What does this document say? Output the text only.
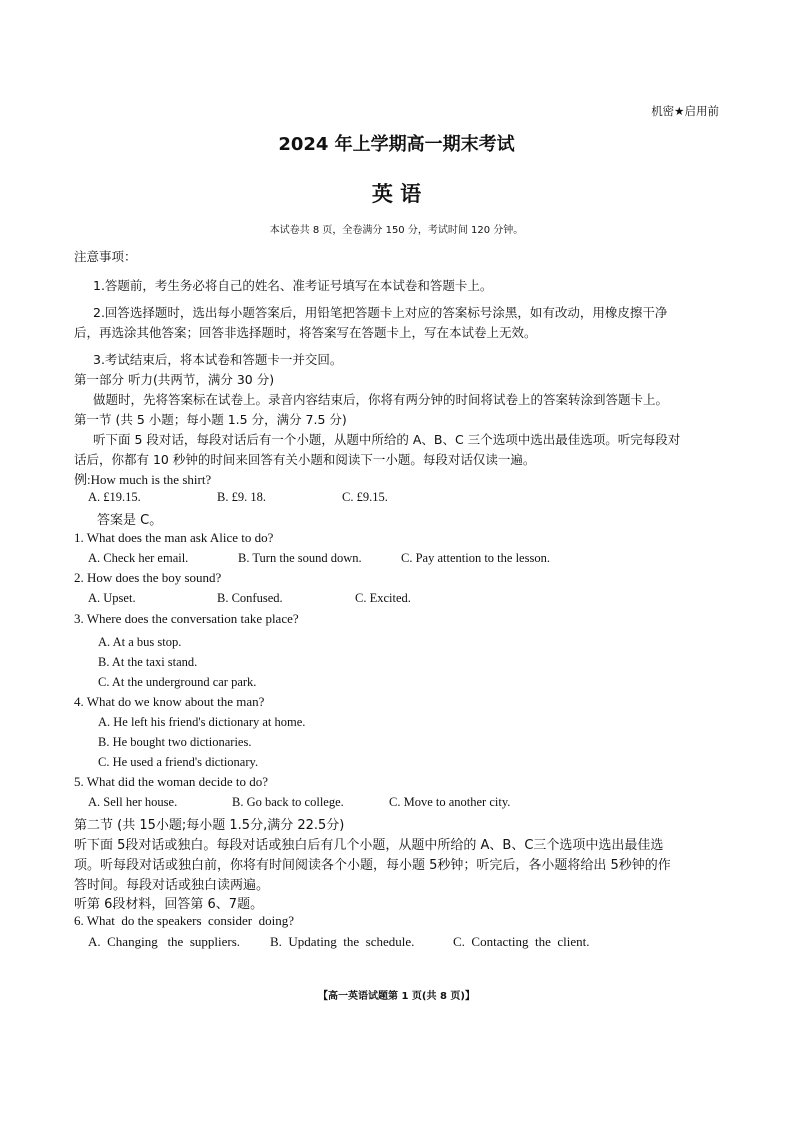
机密★启用前
2024 年上学期高一期末考试
英 语
本试卷共 8 页，全卷满分 150 分，考试时间 120 分钟。
注意事项：
1.答题前，考生务必将自己的姓名、准考证号填写在本试卷和答题卡上。
2.回答选择题时，选出每小题答案后，用铅笔把答题卡上对应的答案标号涂黑，如有改动，用橡皮擦干净
后，再选涂其他答案；回答非选择题时，将答案写在答题卡上，写在本试卷上无效。
3.考试结束后，将本试卷和答题卡一并交回。
第一部分 听力(共两节，满分 30 分)
做题时，先将答案标在试卷上。录音内容结束后，你将有两分钟的时间将试卷上的答案转涂到答题卡上。
第一节 (共 5 小题；每小题 1.5 分，满分 7.5 分)
听下面 5 段对话，每段对话后有一个小题，从题中所给的 A、B、C 三个选项中选出最佳选项。听完每段对
话后，你都有 10 秒钟的时间来回答有关小题和阅读下一小题。每段对话仅读一遍。
例:How much is the shirt?
A. £19.15.	B. £9. 18.	C. £9.15.
答案是 C。
1. What does the man ask Alice to do?
A. Check her email.	B. Turn the sound down.	C. Pay attention to the lesson.
2. How does the boy sound?
A. Upset.	B. Confused.	C. Excited.
3. Where does the conversation take place?
A. At a bus stop.
B. At the taxi stand.
C. At the underground car park.
4. What do we know about the man?
A. He left his friend's dictionary at home.
B. He bought two dictionaries.
C. He used a friend's dictionary.
5. What did the woman decide to do?
A. Sell her house.	B. Go back to college.	C. Move to another city.
第二节 (共 15小题;每小题 1.5分,满分 22.5分)
听下面 5段对话或独白。每段对话或独白后有几个小题，从题中所给的 A、B、C三个选项中选出最佳选
项。听每段对话或独白前，你将有时间阅读各个小题，每小题 5秒钟；听完后，各小题将给出 5秒钟的作
答时间。每段对话或独白读两遍。
听第 6段材料，回答第 6、7题。
6. What  do the speakers  consider  doing?
A.  Changing   the  suppliers. B.  Updating  the  schedule.	C.  Contacting  the  client.
【高一英语试题第 1 页(共 8 页)】
